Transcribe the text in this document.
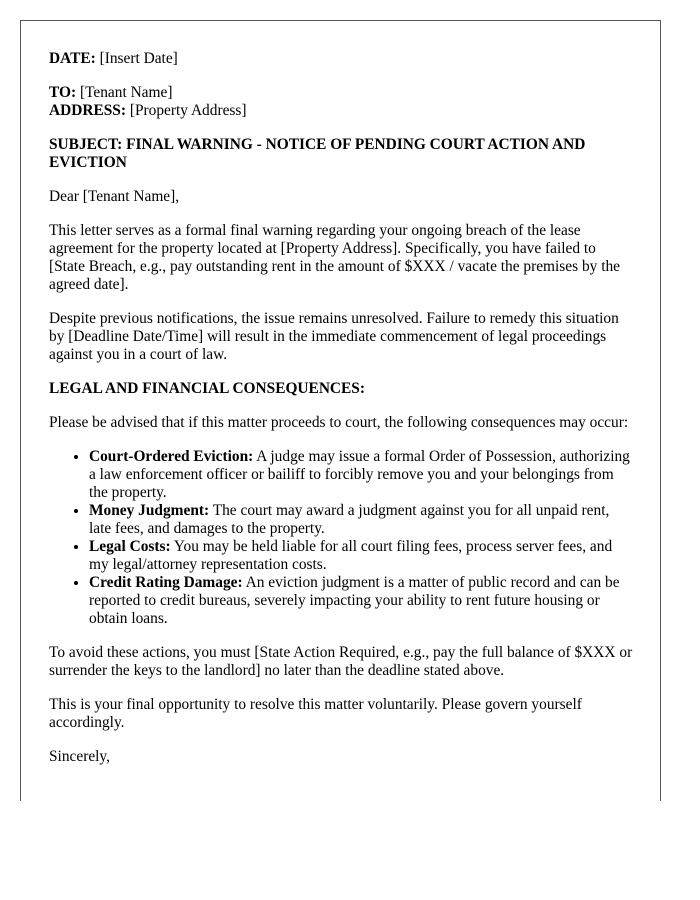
DATE: [Insert Date]

TO: [Tenant Name]

ADDRESS: [Property Address]

SUBJECT: FINAL WARNING - NOTICE OF PENDING COURT ACTION AND EVICTION

Dear [Tenant Name],

This letter serves as a formal final warning regarding your ongoing breach of the lease agreement for the property located at [Property Address]. Specifically, you have failed to [State Breach, e.g., pay outstanding rent in the amount of $XXX / vacate the premises by the agreed date].

Despite previous notifications, the issue remains unresolved. Failure to remedy this situation by [Deadline Date/Time] will result in the immediate commencement of legal proceedings against you in a court of law.

LEGAL AND FINANCIAL CONSEQUENCES:

Please be advised that if this matter proceeds to court, the following consequences may occur:

• Court-Ordered Eviction: A judge may issue a formal Order of Possession, authorizing a law enforcement officer or bailiff to forcibly remove you and your belongings from the property.
• Money Judgment: The court may award a judgment against you for all unpaid rent, late fees, and damages to the property.
• Legal Costs: You may be held liable for all court filing fees, process server fees, and my legal/attorney representation costs.
• Credit Rating Damage: An eviction judgment is a matter of public record and can be reported to credit bureaus, severely impacting your ability to rent future housing or obtain loans.

To avoid these actions, you must [State Action Required, e.g., pay the full balance of $XXX or surrender the keys to the landlord] no later than the deadline stated above.

This is your final opportunity to resolve this matter voluntarily. Please govern yourself accordingly.

Sincerely,
